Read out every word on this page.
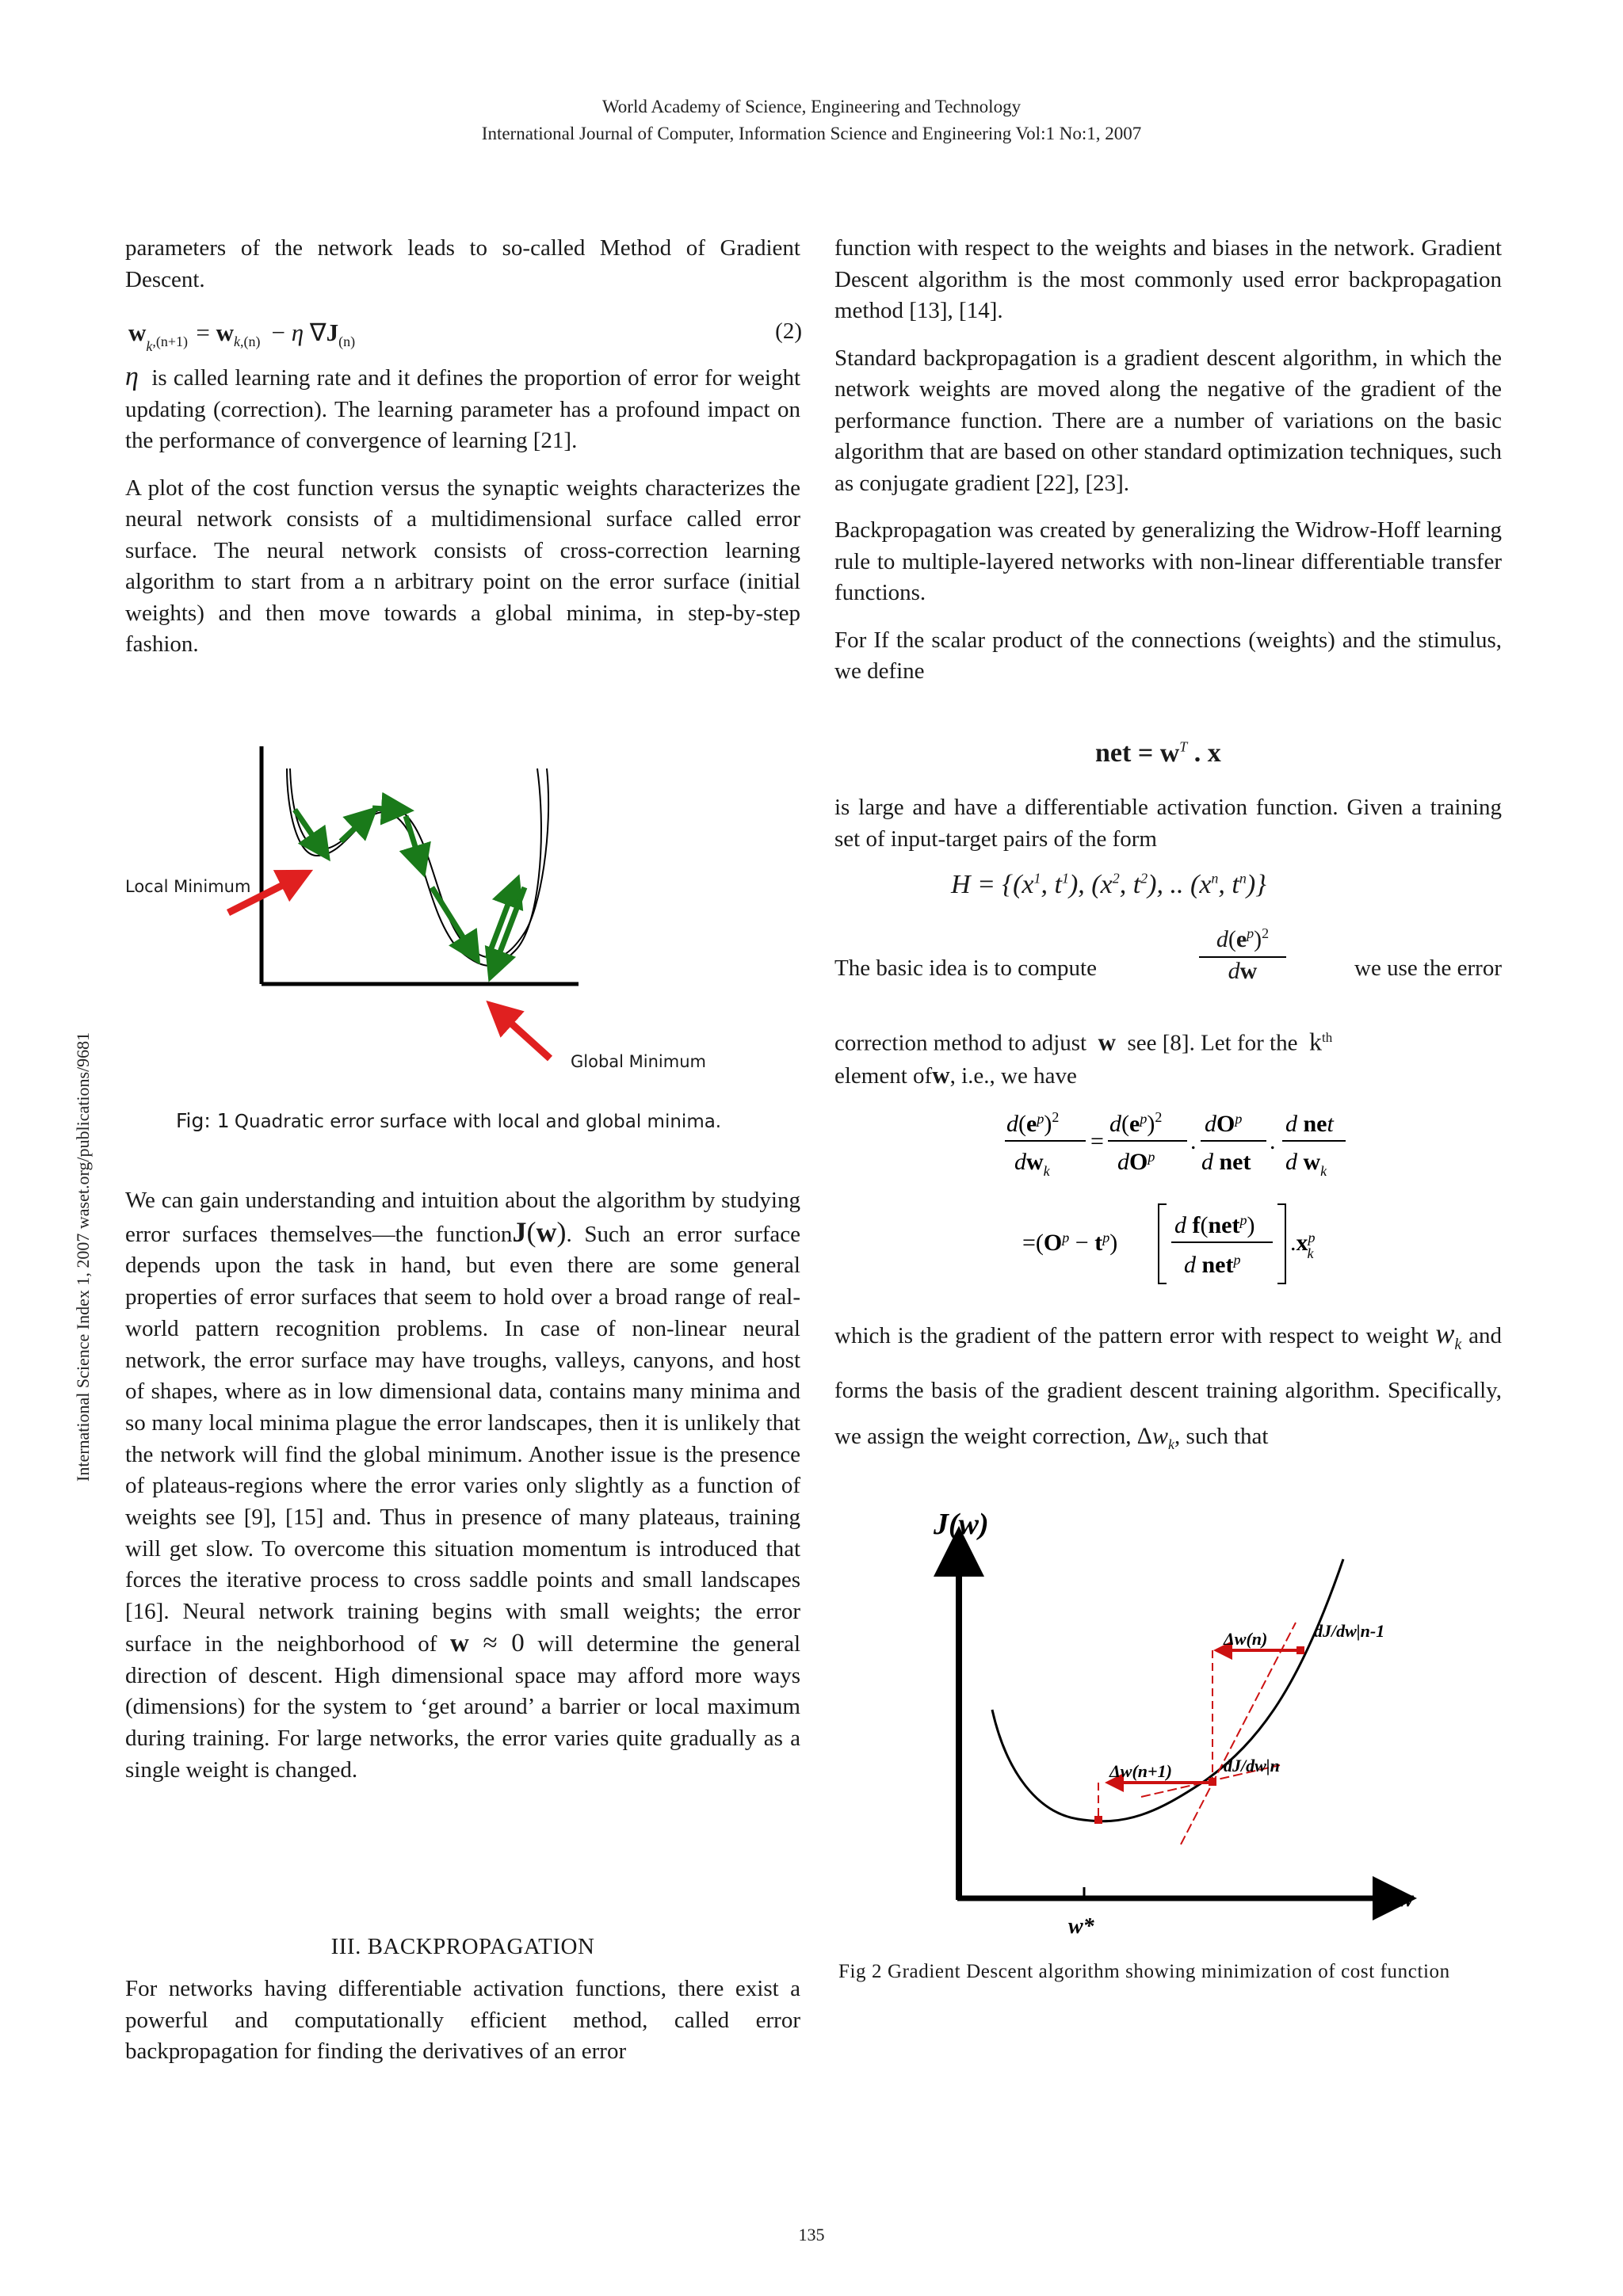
World Academy of Science, Engineering and Technology
International Journal of Computer, Information Science and Engineering Vol:1 No:1, 2007
International Science Index 1, 2007 waset.org/publications/9681

parameters of the network leads to so-called Method of Gradient Descent.

$w_{k,(n+1)}$  = $w_{k,(n)} - \eta$ $\nabla J_{(n)}$	(2)

η is called learning rate and it defines the proportion of error for weight updating (correction). The learning parameter has a profound impact on the performance of convergence of learning [21].

A plot of the cost function versus the synaptic weights characterizes the neural network consists of a multidimensional surface called error surface. The neural network consists of cross-correction learning algorithm to start from a n arbitrary point on the error surface (initial weights) and then move towards a global minima, in step-by-step fashion.

Local Minimum
Global Minimum
Fig: 1 Quadratic error surface with local and global minima.

We can gain understanding and intuition about the algorithm by studying error surfaces themselves—the functionJ(w). Such an error surface depends upon the task in hand, but even there are some general properties of error surfaces that seem to hold over a broad range of real-world pattern recognition problems. In case of non-linear neural network, the error surface may have troughs, valleys, canyons, and host of shapes, where as in low dimensional data, contains many minima and so many local minima plague the error landscapes, then it is unlikely that the network will find the global minimum. Another issue is the presence of plateaus-regions where the error varies only slightly as a function of weights see [9], [15] and. Thus in presence of many plateaus, training will get slow. To overcome this situation momentum is introduced that forces the iterative process to cross saddle points and small landscapes [16]. Neural network training begins with small weights; the error surface in the neighborhood of w ≈ 0 will determine the general direction of descent. High dimensional space may afford more ways (dimensions) for the system to ‘get around’ a barrier or local maximum during training. For large networks, the error varies quite gradually as a single weight is changed.

III. BACKPROPAGATION

For networks having differentiable activation functions, there exist a powerful and computationally efficient method, called error backpropagation for finding the derivatives of an error

function with respect to the weights and biases in the network. Gradient Descent algorithm is the most commonly used error backpropagation method [13], [14].

Standard backpropagation is a gradient descent algorithm, in which the network weights are moved along the negative of the gradient of the performance function. There are a number of variations on the basic algorithm that are based on other standard optimization techniques, such as conjugate gradient [22], [23].

Backpropagation was created by generalizing the Widrow-Hoff learning rule to multiple-layered networks with non-linear differentiable transfer functions.

For If the scalar product of the connections (weights) and the stimulus, we define

net = $w^T$ . x

is large and have a differentiable activation function. Given a training set of input-target pairs of the form

$H = \{(x^1$, $t^1$), ($x^2$, $t^2$), .. ($x^n$, $t^n$)}
The basic idea is to compute	we use the error
$d(e^p)^2$
dw
correction method to adjust w see [8]. Let for the $k^{th}$
element ofw, i.e., we have
$d(e^p)^2$
$dw_k$
=
$d(e^p)^2$
$dO^p$
.
$dO^p$
d net
.
d net
d $w_k$
$=(O^p - t^p)$
d f(net$^p$)
d net$^p$
$.x^p$ k
which is the gradient of the pattern error with respect to weight $w_k$ and forms the basis of the gradient descent training algorithm. Specifically, we assign the weight correction, $\Delta w_k$, such that
J(w)
w
w*
Δw(n)
Δw(n+1)
dJ/dw|n-1
dJ/dw|n
Fig 2 Gradient Descent algorithm showing minimization of cost function
135
